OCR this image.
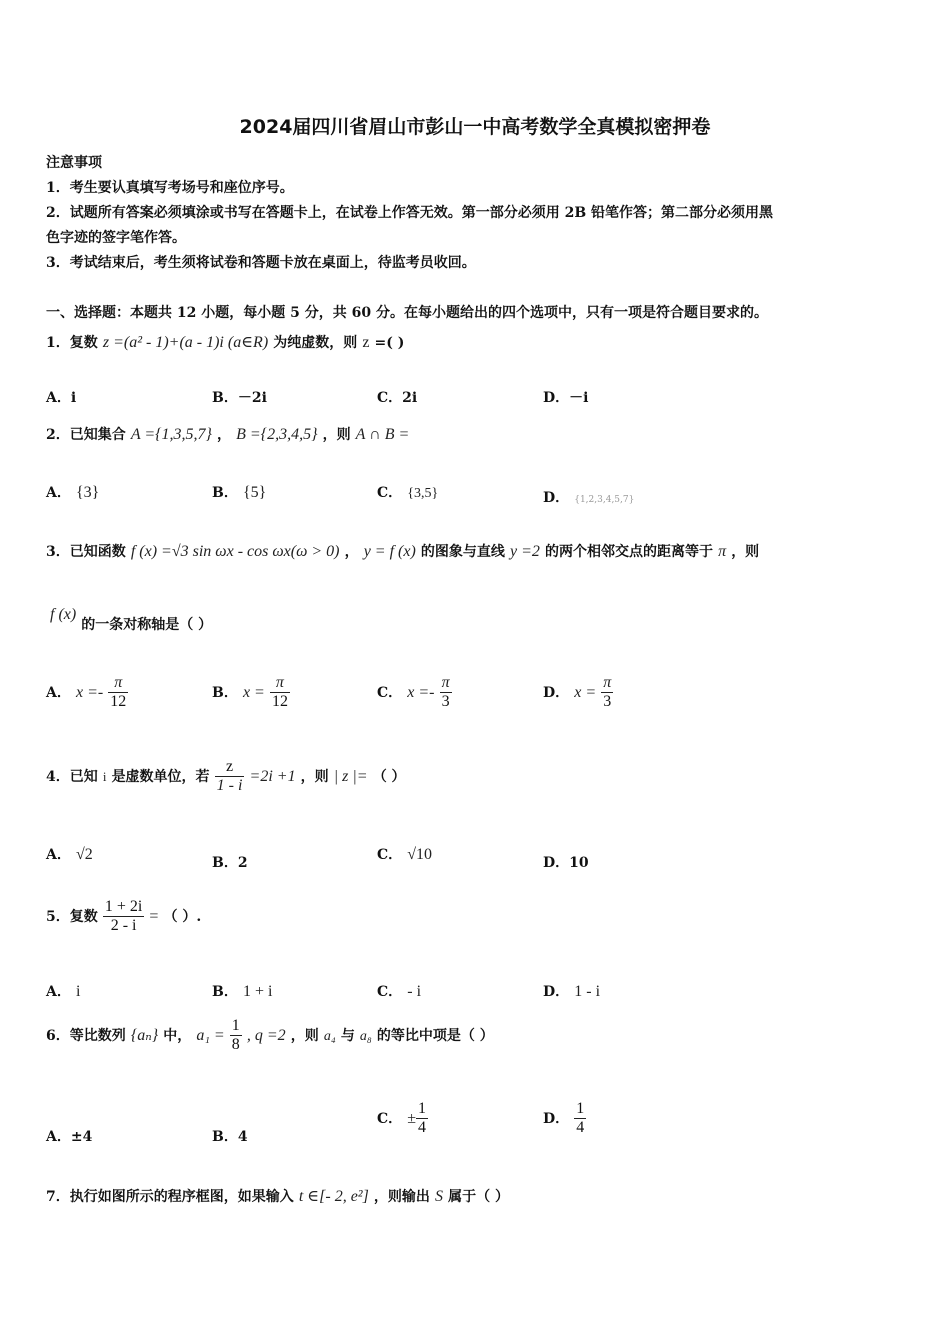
2024届四川省眉山市彭山一中高考数学全真模拟密押卷
注意事项
1．考生要认真填写考场号和座位序号。
2．试题所有答案必须填涂或书写在答题卡上，在试卷上作答无效。第一部分必须用 2B 铅笔作答；第二部分必须用黑
色字迹的签字笔作答。
3．考试结束后，考生须将试卷和答题卡放在桌面上，待监考员收回。
一、选择题：本题共 12 小题，每小题 5 分，共 60 分。在每小题给出的四个选项中，只有一项是符合题目要求的。
1．复数 z =(a² - 1)+(a - 1)i (a∈R) 为纯虚数，则 z =( )
A．i	B．－2i	C．2i	D．－i
2．已知集合 A ={1,3,5,7} ， B ={2,3,4,5} ，则 A ∩ B =
A． {3}	B． {5}	C． {3,5}	D． {1,2,3,4,5,7}
3．已知函数 f (x) =√3 sin ωx - cos ωx(ω > 0) ， y = f (x) 的图象与直线 y =2 的两个相邻交点的距离等于 π ，则
f (x) 的一条对称轴是（ ）
A． $x =- \frac{\pi}{12}$	B． $x = \frac{\pi}{12}$	C． $x =- \frac{\pi}{3}$	D． $x = \frac{\pi}{3}$
4．已知 i 是虚数单位，若 $\frac{z}{1 - i} =2i +1$ ，则 | z |= （ ）
A． √2	B．2	C． √10	D．10
5．复数 $\frac{1 + 2i}{2 - i}$ = （ ）.
A． i	B． 1 + i	C． - i	D． 1 - i
6．等比数列 {aₙ} 中， $a_1 = \frac{1}{8}$ , q =2 ，则 a₄ 与 a₈ 的等比中项是（ ）
A．±4	B．4
C． ± $\frac{1}{4}$	D． $\frac{1}{4}$
7．执行如图所示的程序框图，如果输入 t ∈[- 2, e²] ，则输出 S 属于（ ）
